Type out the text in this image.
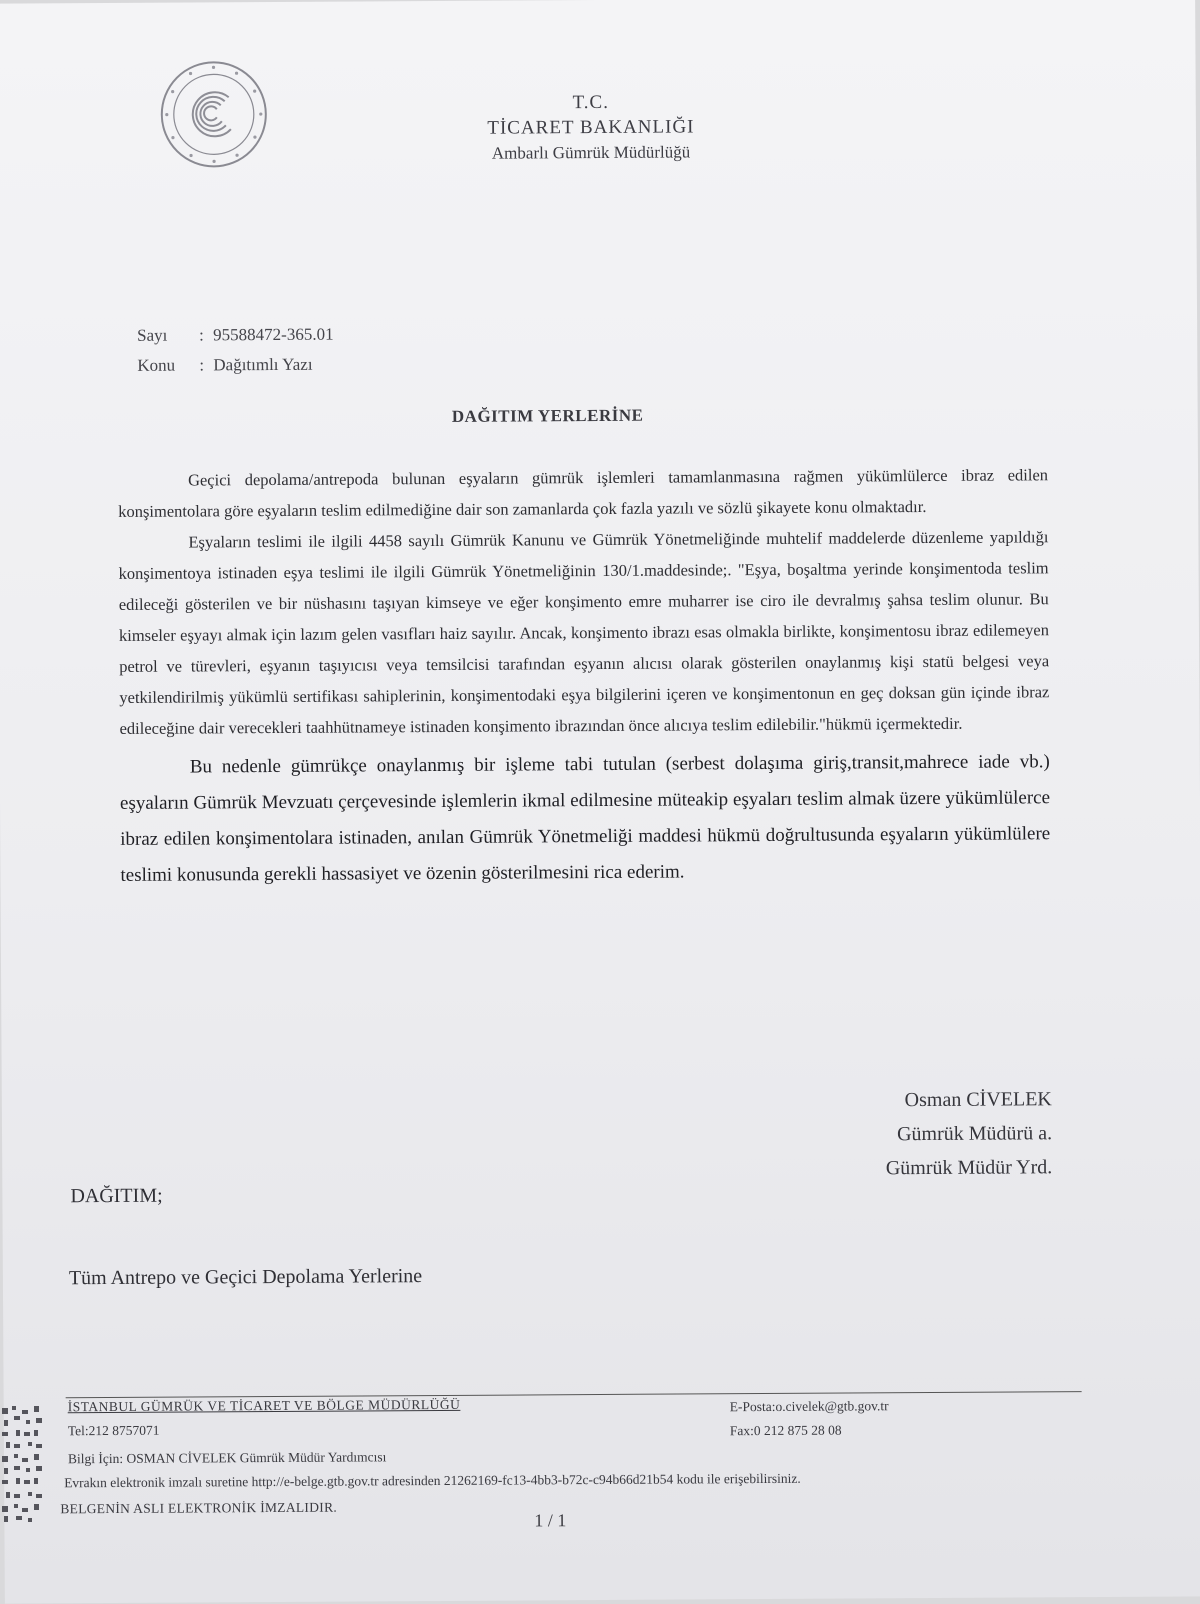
T.C.
TİCARET BAKANLIĞI
Ambarlı Gümrük Müdürlüğü
Sayı	: 95588472-365.01
Konu	: Dağıtımlı Yazı
DAĞITIM YERLERİNE

Geçici depolama/antrepoda bulunan eşyaların gümrük işlemleri tamamlanmasına rağmen yükümlülerce ibraz edilen konşimentolara göre eşyaların teslim edilmediğine dair son zamanlarda çok fazla yazılı ve sözlü şikayete konu olmaktadır.

Eşyaların teslimi ile ilgili 4458 sayılı Gümrük Kanunu ve Gümrük Yönetmeliğinde muhtelif maddelerde düzenleme yapıldığı konşimentoya istinaden eşya teslimi ile ilgili Gümrük Yönetmeliğinin 130/1.maddesinde;. "Eşya, boşaltma yerinde konşimentoda teslim edileceği gösterilen ve bir nüshasını taşıyan kimseye ve eğer konşimento emre muharrer ise ciro ile devralmış şahsa teslim olunur. Bu kimseler eşyayı almak için lazım gelen vasıfları haiz sayılır. Ancak, konşimento ibrazı esas olmakla birlikte, konşimentosu ibraz edilemeyen petrol ve türevleri, eşyanın taşıyıcısı veya temsilcisi tarafından eşyanın alıcısı olarak gösterilen onaylanmış kişi statü belgesi veya yetkilendirilmiş yükümlü sertifikası sahiplerinin, konşimentodaki eşya bilgilerini içeren ve konşimentonun en geç doksan gün içinde ibraz edileceğine dair verecekleri taahhütnameye istinaden konşimento ibrazından önce alıcıya teslim edilebilir."hükmü içermektedir.

Bu nedenle gümrükçe onaylanmış bir işleme tabi tutulan (serbest dolaşıma giriş,transit,mahrece iade vb.) eşyaların Gümrük Mevzuatı çerçevesinde işlemlerin ikmal edilmesine müteakip eşyaları teslim almak üzere yükümlülerce ibraz edilen konşimentolara istinaden, anılan Gümrük Yönetmeliği maddesi hükmü doğrultusunda eşyaların yükümlülere teslimi konusunda gerekli hassasiyet ve özenin gösterilmesini rica ederim.

Osman CİVELEK
Gümrük Müdürü a.
Gümrük Müdür Yrd.
DAĞITIM;
Tüm Antrepo ve Geçici Depolama Yerlerine
İSTANBUL GÜMRÜK VE TİCARET VE BÖLGE MÜDÜRLÜĞÜ
Tel:212 8757071
E-Posta:o.civelek@gtb.gov.tr
Fax:0 212 875 28 08
Bilgi İçin: OSMAN CİVELEK Gümrük Müdür Yardımcısı
Evrakın elektronik imzalı suretine http://e-belge.gtb.gov.tr adresinden 21262169-fc13-4bb3-b72c-c94b66d21b54 kodu ile erişebilirsiniz.
BELGENİN ASLI ELEKTRONİK İMZALIDIR.
1 / 1
